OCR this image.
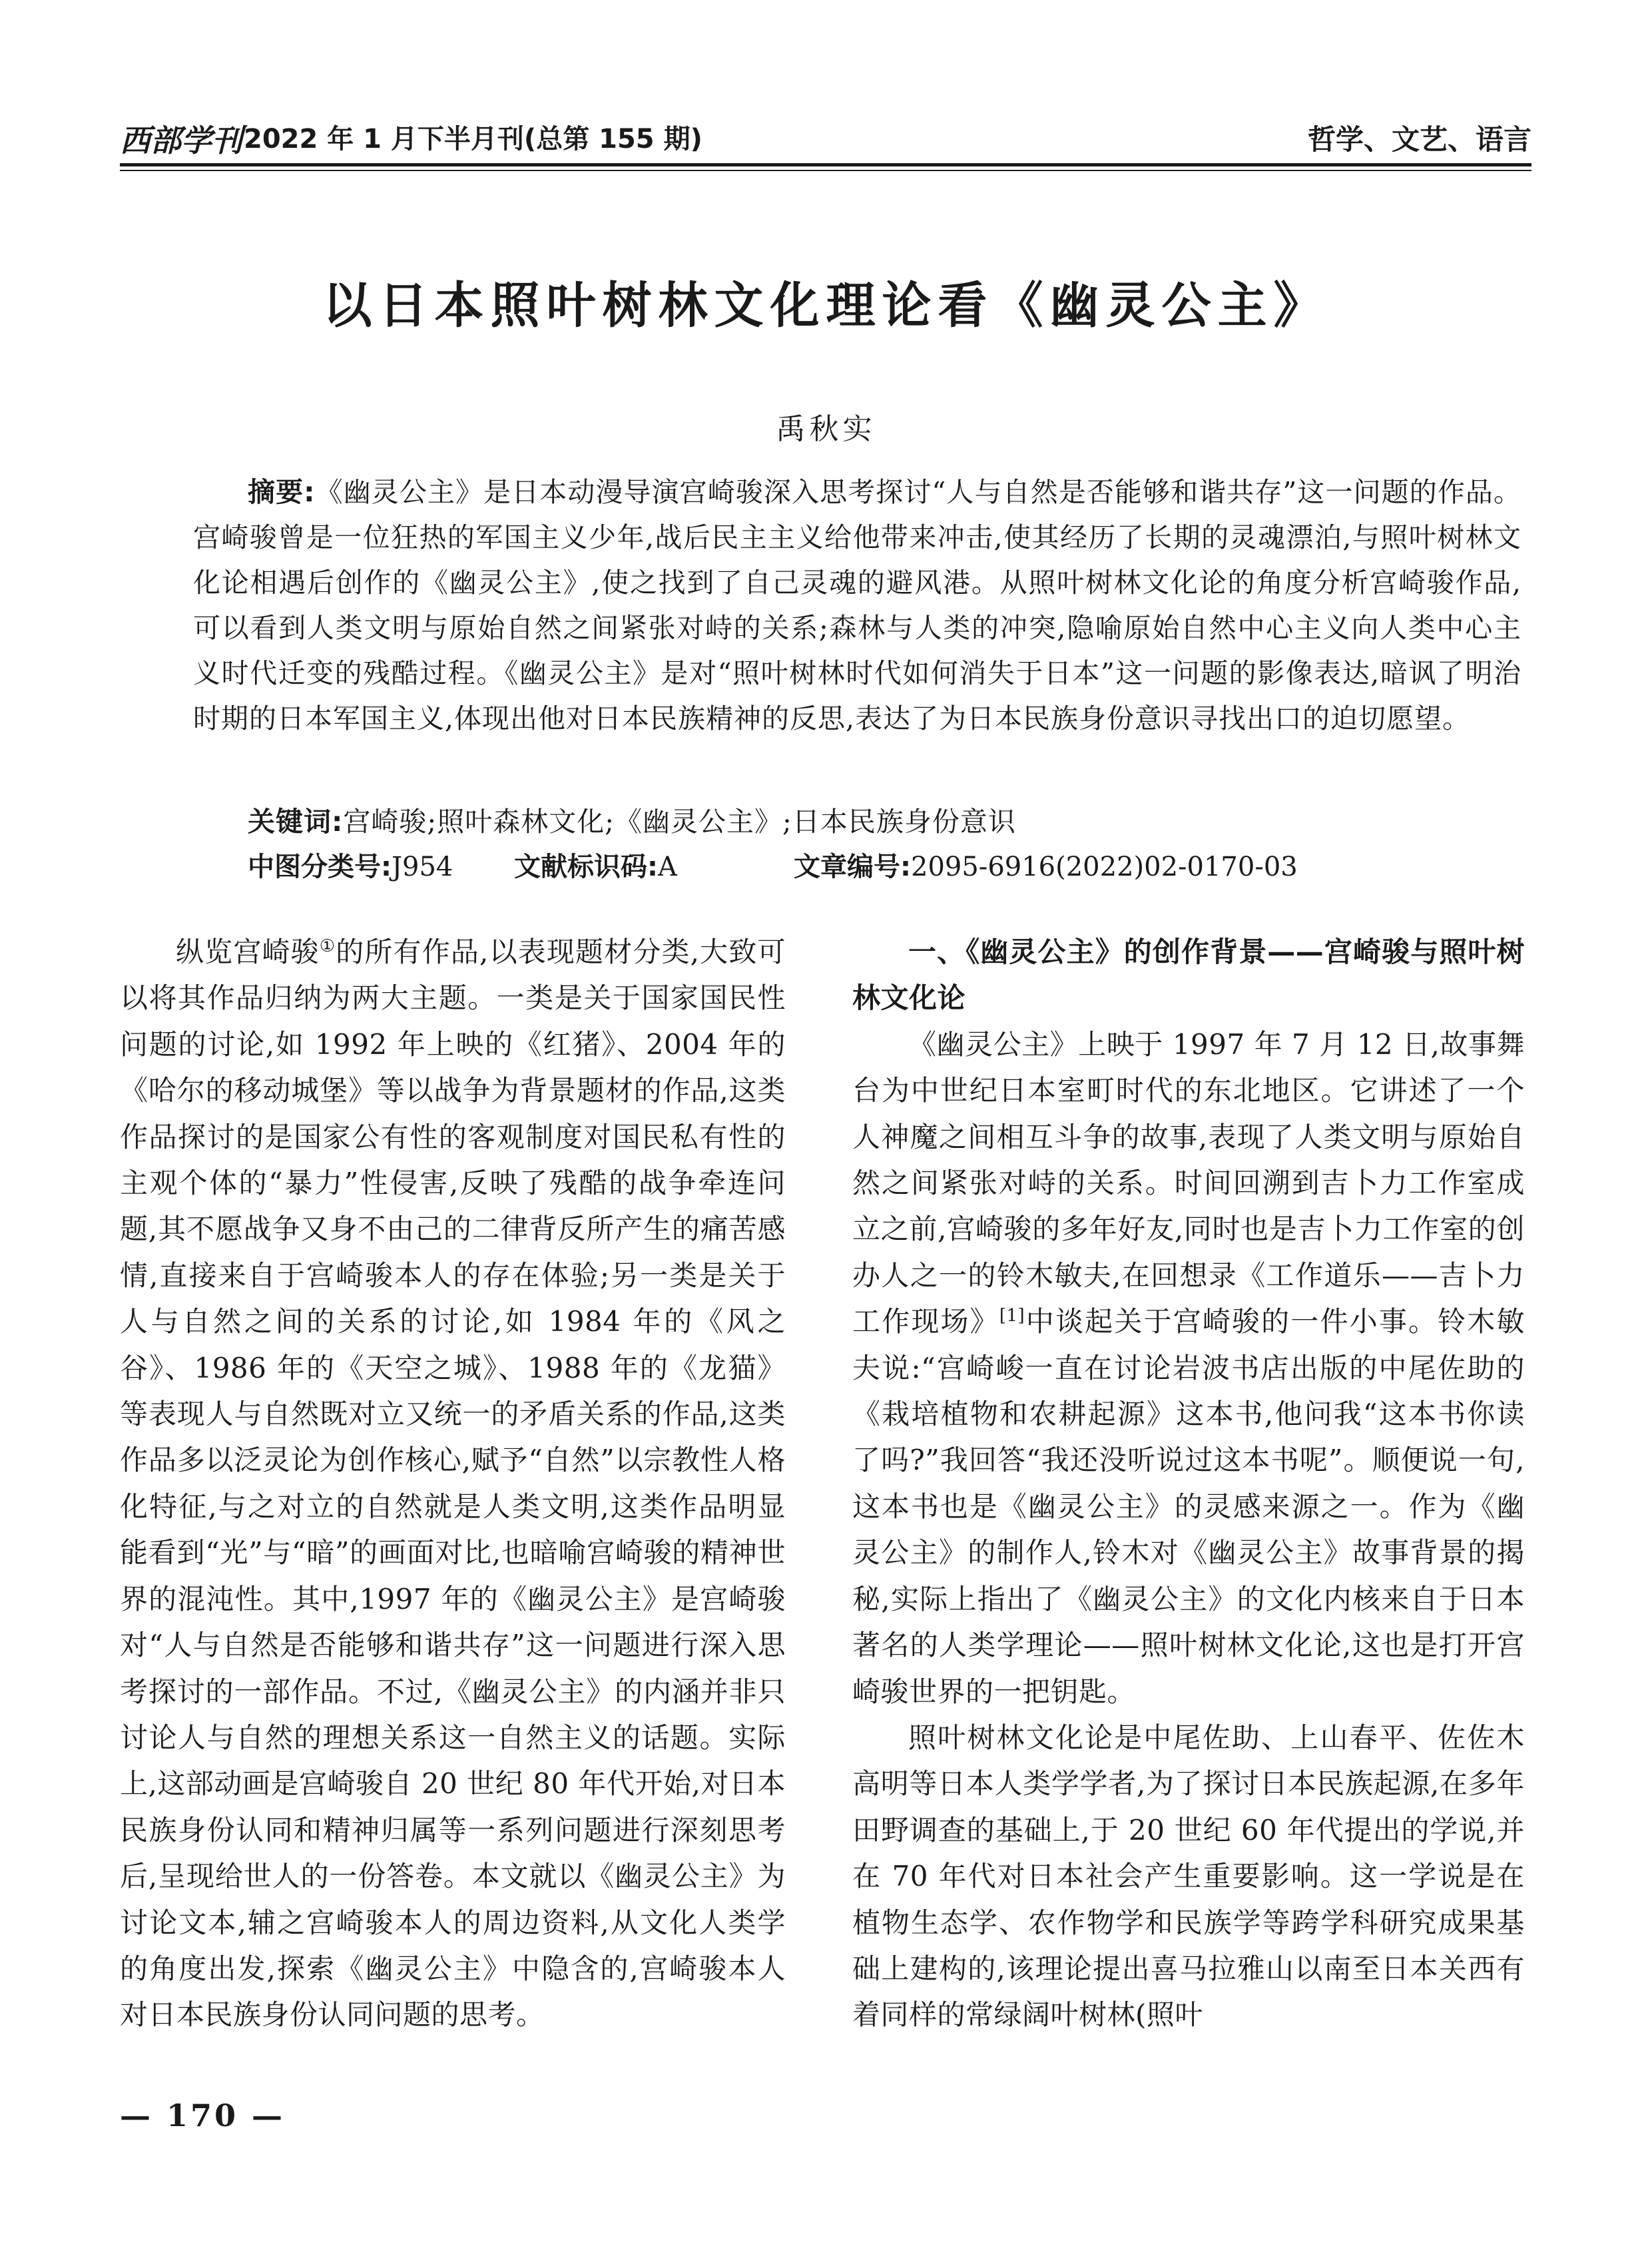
西部学刊 2022 年 1 月下半月刊(总第 155 期)	哲学、文艺、语言
以日本照叶树林文化理论看《幽灵公主》
禹秋实
摘要:《幽灵公主》是日本动漫导演宫崎骏深入思考探讨“人与自然是否能够和谐共存”这一问题的作品。宫崎骏曾是一位狂热的军国主义少年,战后民主主义给他带来冲击,使其经历了长期的灵魂漂泊,与照叶树林文化论相遇后创作的《幽灵公主》,使之找到了自己灵魂的避风港。从照叶树林文化论的角度分析宫崎骏作品,可以看到人类文明与原始自然之间紧张对峙的关系;森林与人类的冲突,隐喻原始自然中心主义向人类中心主义时代迁变的残酷过程。《幽灵公主》是对“照叶树林时代如何消失于日本”这一问题的影像表达,暗讽了明治时期的日本军国主义,体现出他对日本民族精神的反思,表达了为日本民族身份意识寻找出口的迫切愿望。
关键词:宫崎骏;照叶森林文化;《幽灵公主》;日本民族身份意识
中图分类号:J954 文献标识码:A	文章编号:2095-6916(2022)02-0170-03

纵览宫崎骏①的所有作品,以表现题材分类,大致可以将其作品归纳为两大主题。一类是关于国家国民性问题的讨论,如 1992 年上映的《红猪》、2004 年的《哈尔的移动城堡》等以战争为背景题材的作品,这类作品探讨的是国家公有性的客观制度对国民私有性的主观个体的“暴力”性侵害,反映了残酷的战争牵连问题,其不愿战争又身不由己的二律背反所产生的痛苦感情,直接来自于宫崎骏本人的存在体验;另一类是关于人与自然之间的关系的讨论,如 1984 年的《风之谷》、1986 年的《天空之城》、1988 年的《龙猫》等表现人与自然既对立又统一的矛盾关系的作品,这类作品多以泛灵论为创作核心,赋予“自然”以宗教性人格化特征,与之对立的自然就是人类文明,这类作品明显能看到“光”与“暗”的画面对比,也暗喻宫崎骏的精神世界的混沌性。其中,1997 年的《幽灵公主》是宫崎骏对“人与自然是否能够和谐共存”这一问题进行深入思考探讨的一部作品。不过,《幽灵公主》的内涵并非只讨论人与自然的理想关系这一自然主义的话题。实际上,这部动画是宫崎骏自 20 世纪 80 年代开始,对日本民族身份认同和精神归属等一系列问题进行深刻思考后,呈现给世人的一份答卷。本文就以《幽灵公主》为讨论文本,辅之宫崎骏本人的周边资料,从文化人类学的角度出发,探索《幽灵公主》中隐含的,宫崎骏本人对日本民族身份认同问题的思考。

一、《幽灵公主》的创作背景——宫崎骏与照叶树林文化论

《幽灵公主》上映于 1997 年 7 月 12 日,故事舞台为中世纪日本室町时代的东北地区。它讲述了一个人神魔之间相互斗争的故事,表现了人类文明与原始自然之间紧张对峙的关系。时间回溯到吉卜力工作室成立之前,宫崎骏的多年好友,同时也是吉卜力工作室的创办人之一的铃木敏夫,在回想录《工作道乐——吉卜力工作现场》[1]中谈起关于宫崎骏的一件小事。铃木敏夫说:“宫崎峻一直在讨论岩波书店出版的中尾佐助的《栽培植物和农耕起源》这本书,他问我“这本书你读了吗?”我回答“我还没听说过这本书呢”。顺便说一句,这本书也是《幽灵公主》的灵感来源之一。作为《幽灵公主》的制作人,铃木对《幽灵公主》故事背景的揭秘,实际上指出了《幽灵公主》的文化内核来自于日本著名的人类学理论——照叶树林文化论,这也是打开宫崎骏世界的一把钥匙。

照叶树林文化论是中尾佐助、上山春平、佐佐木高明等日本人类学学者,为了探讨日本民族起源,在多年田野调查的基础上,于 20 世纪 60 年代提出的学说,并在 70 年代对日本社会产生重要影响。这一学说是在植物生态学、农作物学和民族学等跨学科研究成果基础上建构的,该理论提出喜马拉雅山以南至日本关西有着同样的常绿阔叶树林(照叶

— 170 —
